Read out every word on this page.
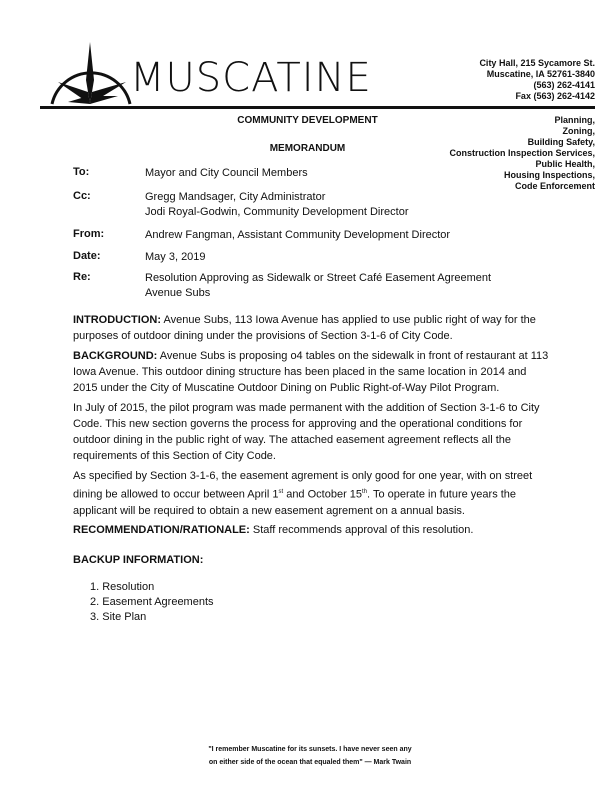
MUSCATINE	City Hall, 215 Sycamore St.
Muscatine, IA 52761-3840
(563) 262-4141
Fax (563) 262-4142
COMMUNITY DEVELOPMENT
MEMORANDUM
Planning,
Zoning,
Building Safety,
Construction Inspection Services,
Public Health,
Housing Inspections,
Code Enforcement
To:	Mayor and City Council Members
Cc:	Gregg Mandsager, City Administrator
Jodi Royal-Godwin, Community Development Director
From:	Andrew Fangman, Assistant Community Development Director
Date:	May 3, 2019
Re:	Resolution Approving as Sidewalk or Street Café Easement Agreement Avenue Subs
INTRODUCTION: Avenue Subs, 113 Iowa Avenue has applied to use public right of way for the purposes of outdoor dining under the provisions of Section 3-1-6 of City Code.
BACKGROUND: Avenue Subs is proposing o4 tables on the sidewalk in front of restaurant at 113 Iowa Avenue. This outdoor dining structure has been placed in the same location in 2014 and 2015 under the City of Muscatine Outdoor Dining on Public Right-of-Way Pilot Program.
In July of 2015, the pilot program was made permanent with the addition of Section 3-1-6 to City Code. This new section governs the process for approving and the operational conditions for outdoor dining in the public right of way. The attached easement agreement reflects all the requirements of this Section of City Code.
As specified by Section 3-1-6, the easement agrement is only good for one year, with on street dining be allowed to occur between April 1st and October 15th. To operate in future years the applicant will be required to obtain a new easement agrement on a annual basis.
RECOMMENDATION/RATIONALE: Staff recommends approval of this resolution.
BACKUP INFORMATION:
1. Resolution
2. Easement Agreements
3. Site Plan
"I remember Muscatine for its sunsets. I have never seen any
on either side of the ocean that equaled them" — Mark Twain
